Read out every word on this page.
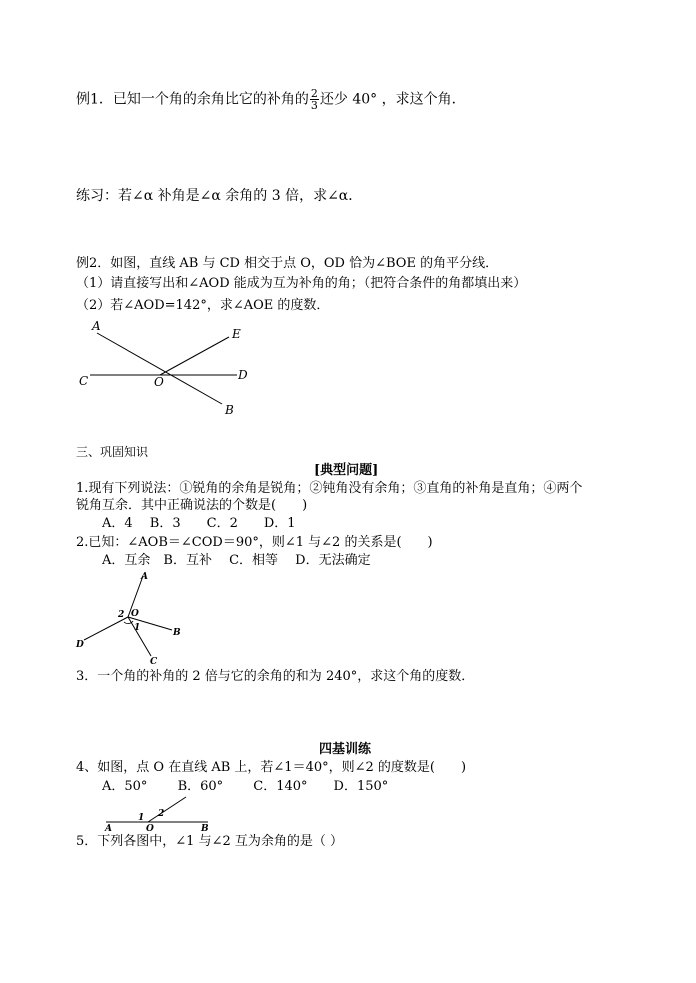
例1．已知一个角的余角比它的补角的 $\frac{2}{3}$ 还少 40° ，求这个角．
练习：若∠α 补角是∠α 余角的 3 倍，求∠α．
例2．如图，直线 AB 与 CD 相交于点 O，OD 恰为∠BOE 的角平分线．
（1）请直接写出和∠AOD 能成为互为补角的角；（把符合条件的角都填出来）
（2）若∠AOD=142°，求∠AOE 的度数．
A
E
C	O	D
B
三、巩固知识
[典型问题]
1.现有下列说法：①锐角的余角是锐角；②钝角没有余角；③直角的补角是直角；④两个
锐角互余．其中正确说法的个数是(　　)
A．4　 B．3　　C．2　　D．1
2.已知：∠AOB＝∠COD＝90°，则∠1 与∠2 的关系是(　　)
A．互余　B．互补　 C．相等　 D．无法确定
A
O
2
1	B
D
C
3．一个角的补角的 2 倍与它的余角的和为 240°，求这个角的度数．
四基训练
4、如图，点 O 在直线 AB 上，若∠1＝40°，则∠2 的度数是(　　)
A．50°　　 B．60°　　 C．140°　　D．150°
1 2
A	O	B
5．下列各图中，∠1 与∠2 互为余角的是（ ）
